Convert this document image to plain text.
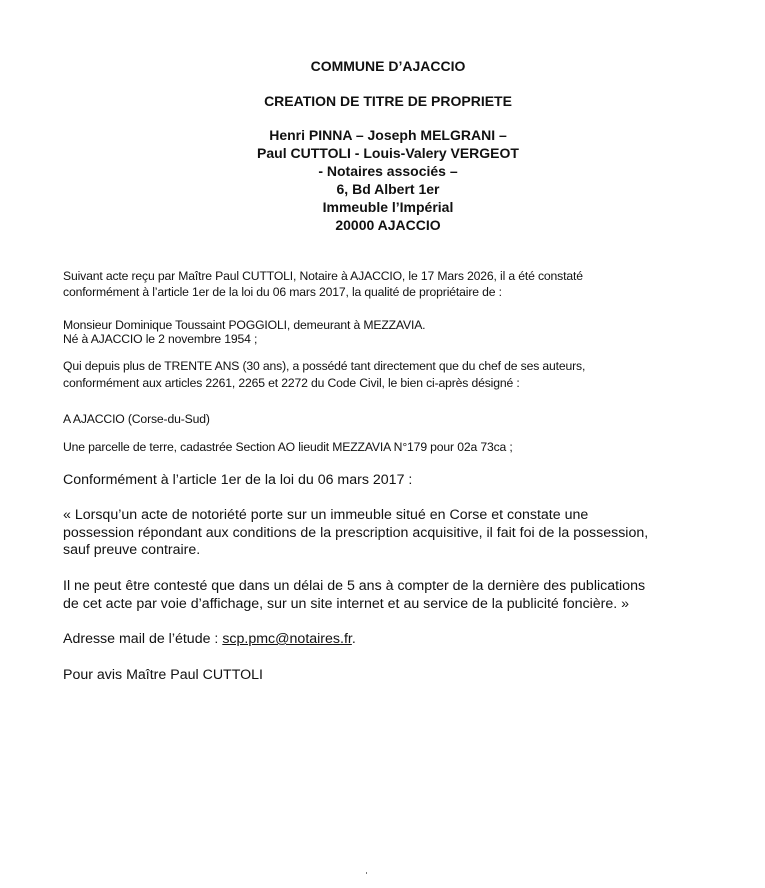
COMMUNE D’AJACCIO
CREATION DE TITRE DE PROPRIETE
Henri PINNA – Joseph MELGRANI –
Paul CUTTOLI - Louis-Valery VERGEOT
- Notaires associés –
6, Bd Albert 1er
Immeuble l’Impérial
20000 AJACCIO
Suivant acte reçu par Maître Paul CUTTOLI, Notaire à AJACCIO, le 17 Mars 2026, il a été constaté
conformément à l’article 1er de la loi du 06 mars 2017, la qualité de propriétaire de :
Monsieur Dominique Toussaint POGGIOLI, demeurant à MEZZAVIA.
Né à AJACCIO le 2 novembre 1954 ;
Qui depuis plus de TRENTE ANS (30 ans), a possédé tant directement que du chef de ses auteurs,
conformément aux articles 2261, 2265 et 2272 du Code Civil, le bien ci-après désigné :
A AJACCIO (Corse-du-Sud)
Une parcelle de terre, cadastrée Section AO lieudit MEZZAVIA N°179 pour 02a 73ca ;
Conformément à l’article 1er de la loi du 06 mars 2017 :
« Lorsqu’un acte de notoriété porte sur un immeuble situé en Corse et constate une
possession répondant aux conditions de la prescription acquisitive, il fait foi de la possession,
sauf preuve contraire.
Il ne peut être contesté que dans un délai de 5 ans à compter de la dernière des publications
de cet acte par voie d’affichage, sur un site internet et au service de la publicité foncière. »
Adresse mail de l’étude : scp.pmc@notaires.fr.
Pour avis Maître Paul CUTTOLI
